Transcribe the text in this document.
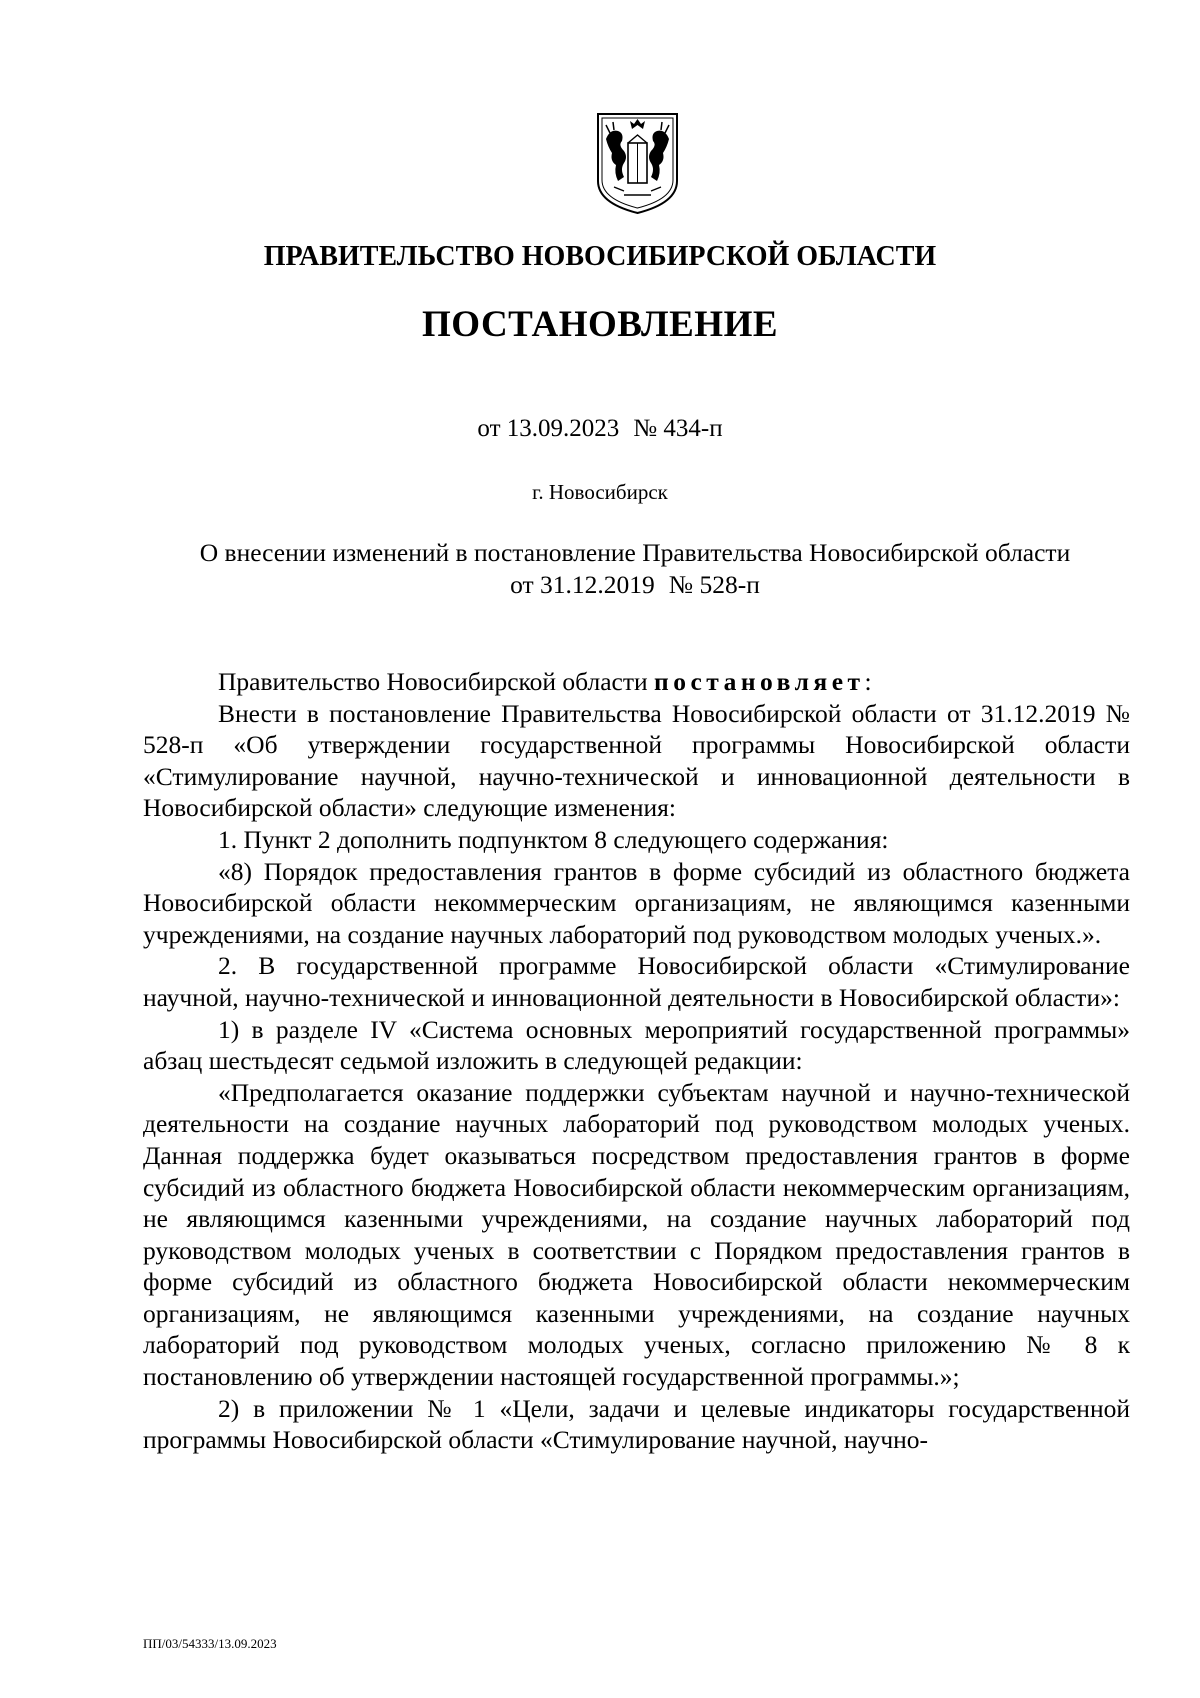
ПРАВИТЕЛЬСТВО НОВОСИБИРСКОЙ ОБЛАСТИ
ПОСТАНОВЛЕНИЕ
от 13.09.2023 № 434-п
г. Новосибирск
О внесении изменений в постановление Правительства Новосибирской области
от 31.12.2019 № 528-п

Правительство Новосибирской области постановляет:

Внести в постановление Правительства Новосибирской области от 31.12.2019 № 528-п «Об утверждении государственной программы Новосибирской области «Стимулирование научной, научно-технической и инновационной деятельности в Новосибирской области» следующие изменения:

1. Пункт 2 дополнить подпунктом 8 следующего содержания:

«8) Порядок предоставления грантов в форме субсидий из областного бюджета Новосибирской области некоммерческим организациям, не являющимся казенными учреждениями, на создание научных лабораторий под руководством молодых ученых.».

2. В государственной программе Новосибирской области «Стимулирование научной, научно-технической и инновационной деятельности в Новосибирской области»:

1) в разделе IV «Система основных мероприятий государственной программы» абзац шестьдесят седьмой изложить в следующей редакции:

«Предполагается оказание поддержки субъектам научной и научно-технической деятельности на создание научных лабораторий под руководством молодых ученых. Данная поддержка будет оказываться посредством предоставления грантов в форме субсидий из областного бюджета Новосибирской области некоммерческим организациям, не являющимся казенными учреждениями, на создание научных лабораторий под руководством молодых ученых в соответствии с Порядком предоставления грантов в форме субсидий из областного бюджета Новосибирской области некоммерческим организациям, не являющимся казенными учреждениями, на создание научных лабораторий под руководством молодых ученых, согласно приложению № 8 к постановлению об утверждении настоящей государственной программы.»;

2) в приложении № 1 «Цели, задачи и целевые индикаторы государственной программы Новосибирской области «Стимулирование научной, научно-

ПП/03/54333/13.09.2023
